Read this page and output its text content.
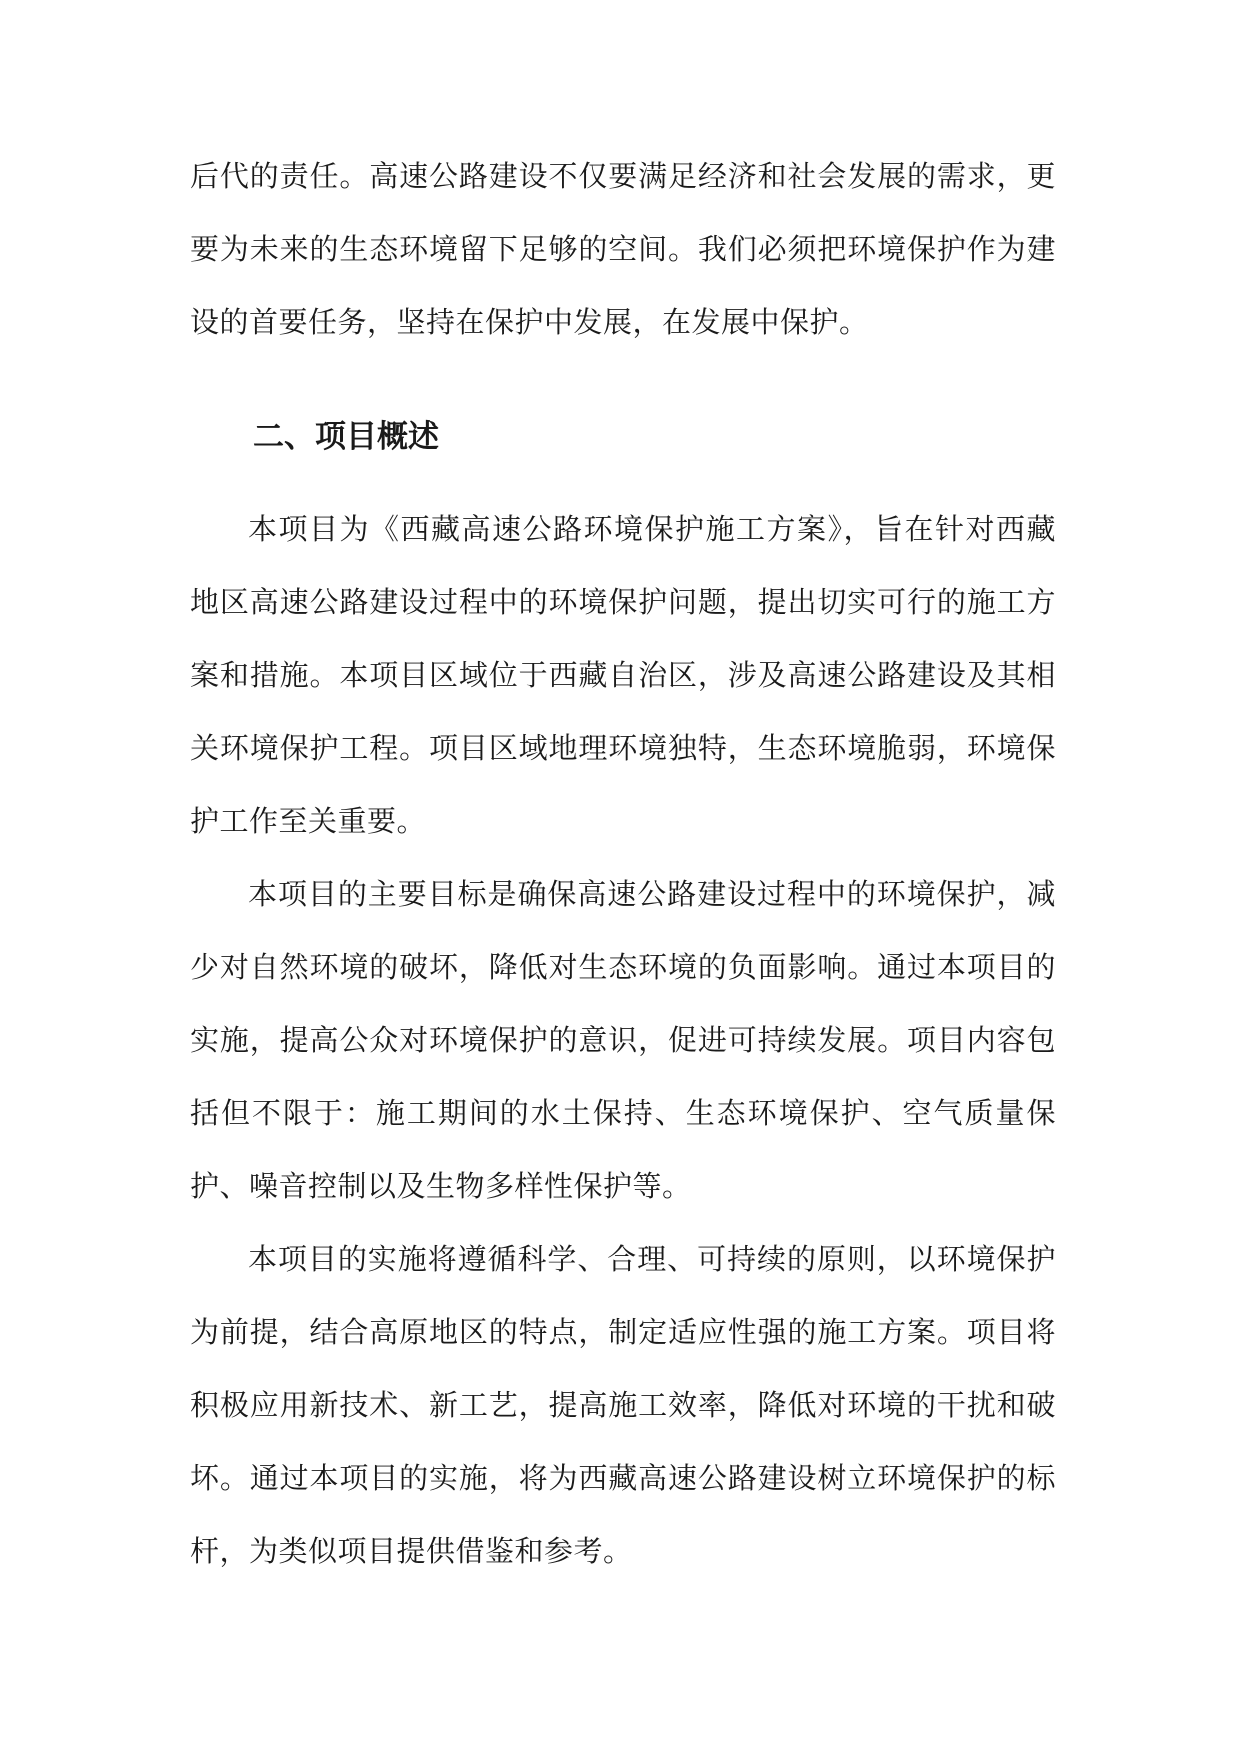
后代的责任。高速公路建设不仅要满足经济和社会发展的需求，更要为未来的生态环境留下足够的空间。我们必须把环境保护作为建设的首要任务，坚持在保护中发展，在发展中保护。

二、项目概述

本项目为《西藏高速公路环境保护施工方案》，旨在针对西藏地区高速公路建设过程中的环境保护问题，提出切实可行的施工方案和措施。本项目区域位于西藏自治区，涉及高速公路建设及其相关环境保护工程。项目区域地理环境独特，生态环境脆弱，环境保护工作至关重要。

本项目的主要目标是确保高速公路建设过程中的环境保护，减少对自然环境的破坏，降低对生态环境的负面影响。通过本项目的实施，提高公众对环境保护的意识，促进可持续发展。项目内容包括但不限于：施工期间的水土保持、生态环境保护、空气质量保护、噪音控制以及生物多样性保护等。

本项目的实施将遵循科学、合理、可持续的原则，以环境保护为前提，结合高原地区的特点，制定适应性强的施工方案。项目将积极应用新技术、新工艺，提高施工效率，降低对环境的干扰和破坏。通过本项目的实施，将为西藏高速公路建设树立环境保护的标杆，为类似项目提供借鉴和参考。
